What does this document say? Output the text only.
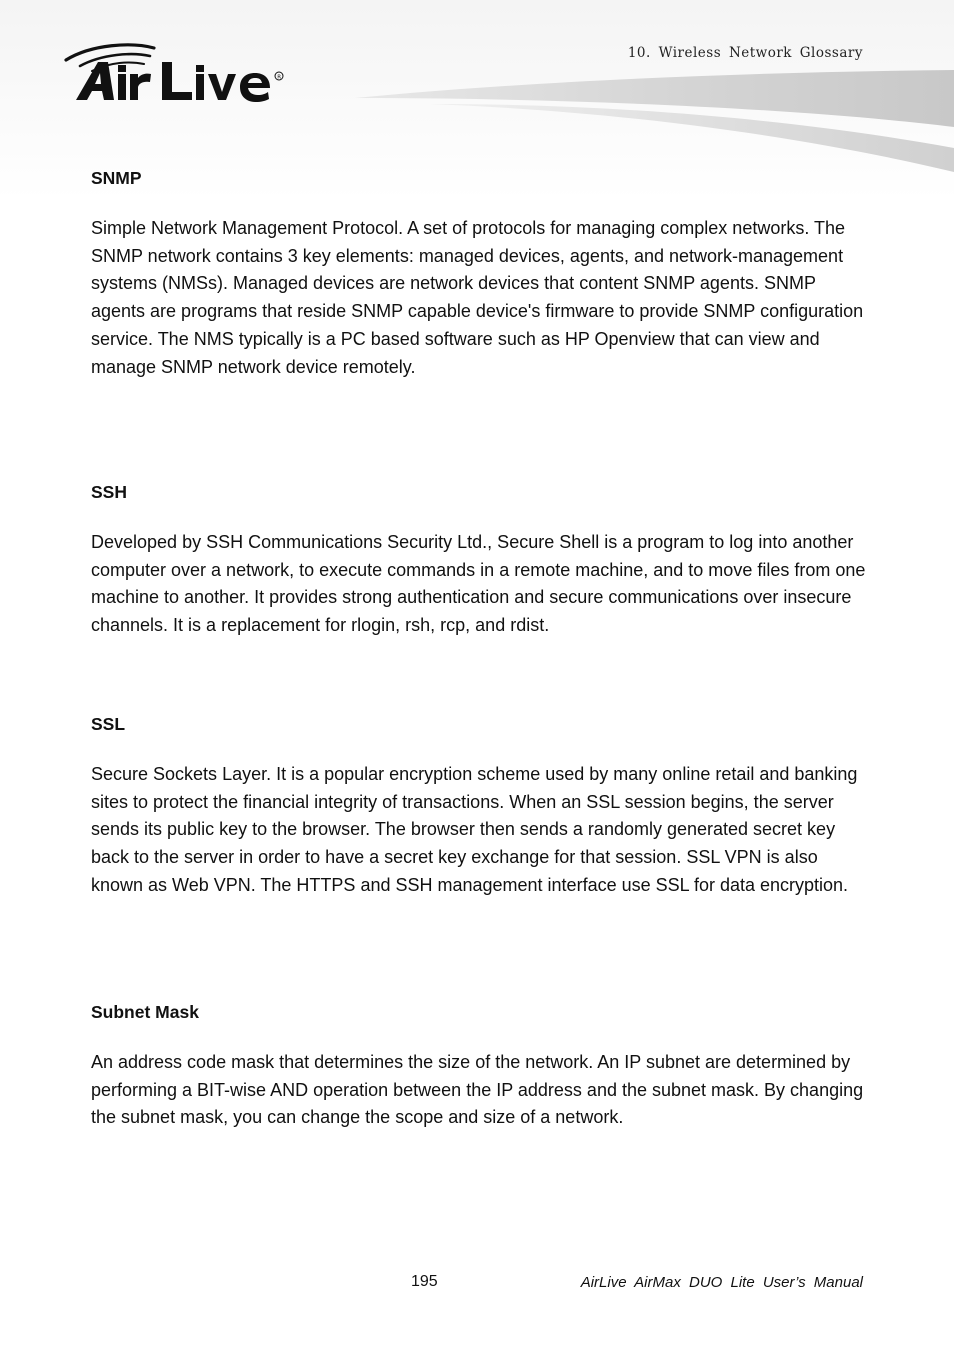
R
10. Wireless Network Glossary
SNMP
Simple Network Management Protocol. A set of protocols for managing complex networks. The SNMP network contains 3 key elements: managed devices, agents, and network-management systems (NMSs). Managed devices are network devices that content SNMP agents. SNMP agents are programs that reside SNMP capable device's firmware to provide SNMP configuration service. The NMS typically is a PC based software such as HP Openview that can view and manage SNMP network device remotely.
SSH
Developed by SSH Communications Security Ltd., Secure Shell is a program to log into another computer over a network, to execute commands in a remote machine, and to move files from one machine to another. It provides strong authentication and secure communications over insecure channels. It is a replacement for rlogin, rsh, rcp, and rdist.
SSL
Secure Sockets Layer. It is a popular encryption scheme used by many online retail and banking sites to protect the financial integrity of transactions. When an SSL session begins, the server sends its public key to the browser. The browser then sends a randomly generated secret key back to the server in order to have a secret key exchange for that session. SSL VPN is also known as Web VPN. The HTTPS and SSH management interface use SSL for data encryption.
Subnet Mask
An address code mask that determines the size of the network. An IP subnet are determined by performing a BIT-wise AND operation between the IP address and the subnet mask. By changing the subnet mask, you can change the scope and size of a network.
195	AirLive AirMax DUO Lite User’s Manual
